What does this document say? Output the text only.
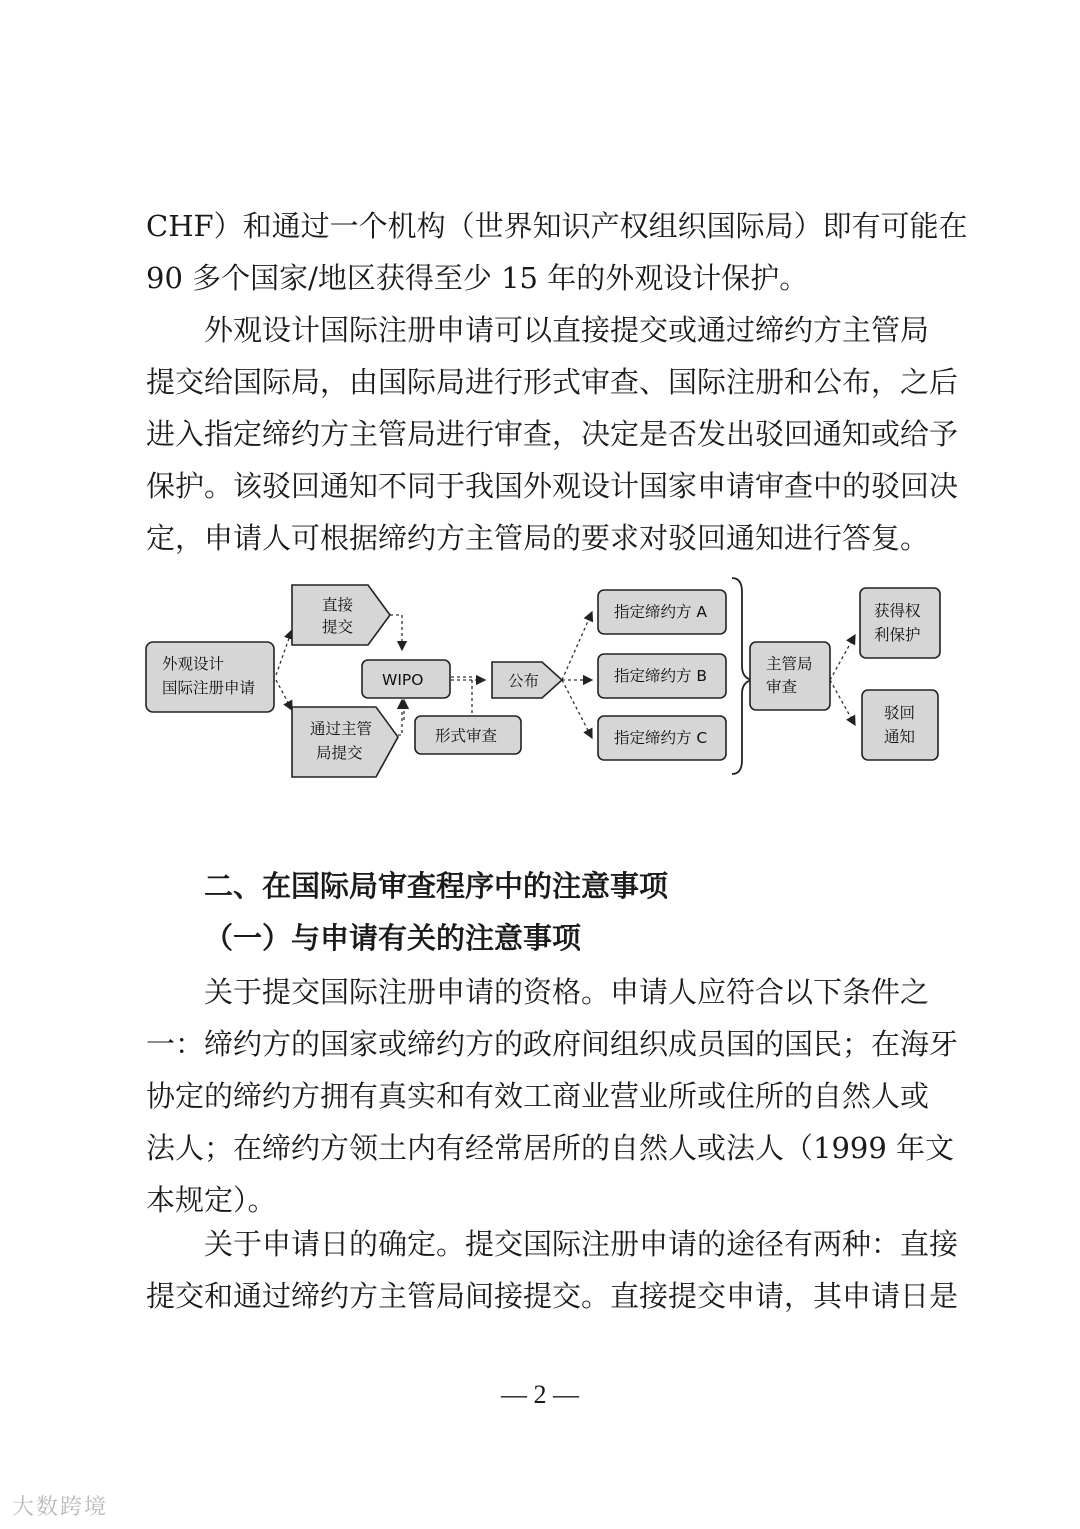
CHF）和通过一个机构（世界知识产权组织国际局）即有可能在
90 多个国家/地区获得至少 15 年的外观设计保护。

外观设计国际注册申请可以直接提交或通过缔约方主管局
提交给国际局，由国际局进行形式审查、国际注册和公布，之后
进入指定缔约方主管局进行审查，决定是否发出驳回通知或给予
保护。该驳回通知不同于我国外观设计国家申请审查中的驳回决
定，申请人可根据缔约方主管局的要求对驳回通知进行答复。

外观设计
国际注册申请
直接
提交
通过主管
局提交
WIPO
形式审查
公布
指定缔约方 A
指定缔约方 B
指定缔约方 C
主管局
审查
获得权
利保护
驳回
通知
二、在国际局审查程序中的注意事项
（一）与申请有关的注意事项

关于提交国际注册申请的资格。申请人应符合以下条件之
一：缔约方的国家或缔约方的政府间组织成员国的国民；在海牙
协定的缔约方拥有真实和有效工商业营业所或住所的自然人或
法人；在缔约方领土内有经常居所的自然人或法人（1999 年文
本规定）。

关于申请日的确定。提交国际注册申请的途径有两种：直接
提交和通过缔约方主管局间接提交。直接提交申请，其申请日是

— 2 —
大数跨境
